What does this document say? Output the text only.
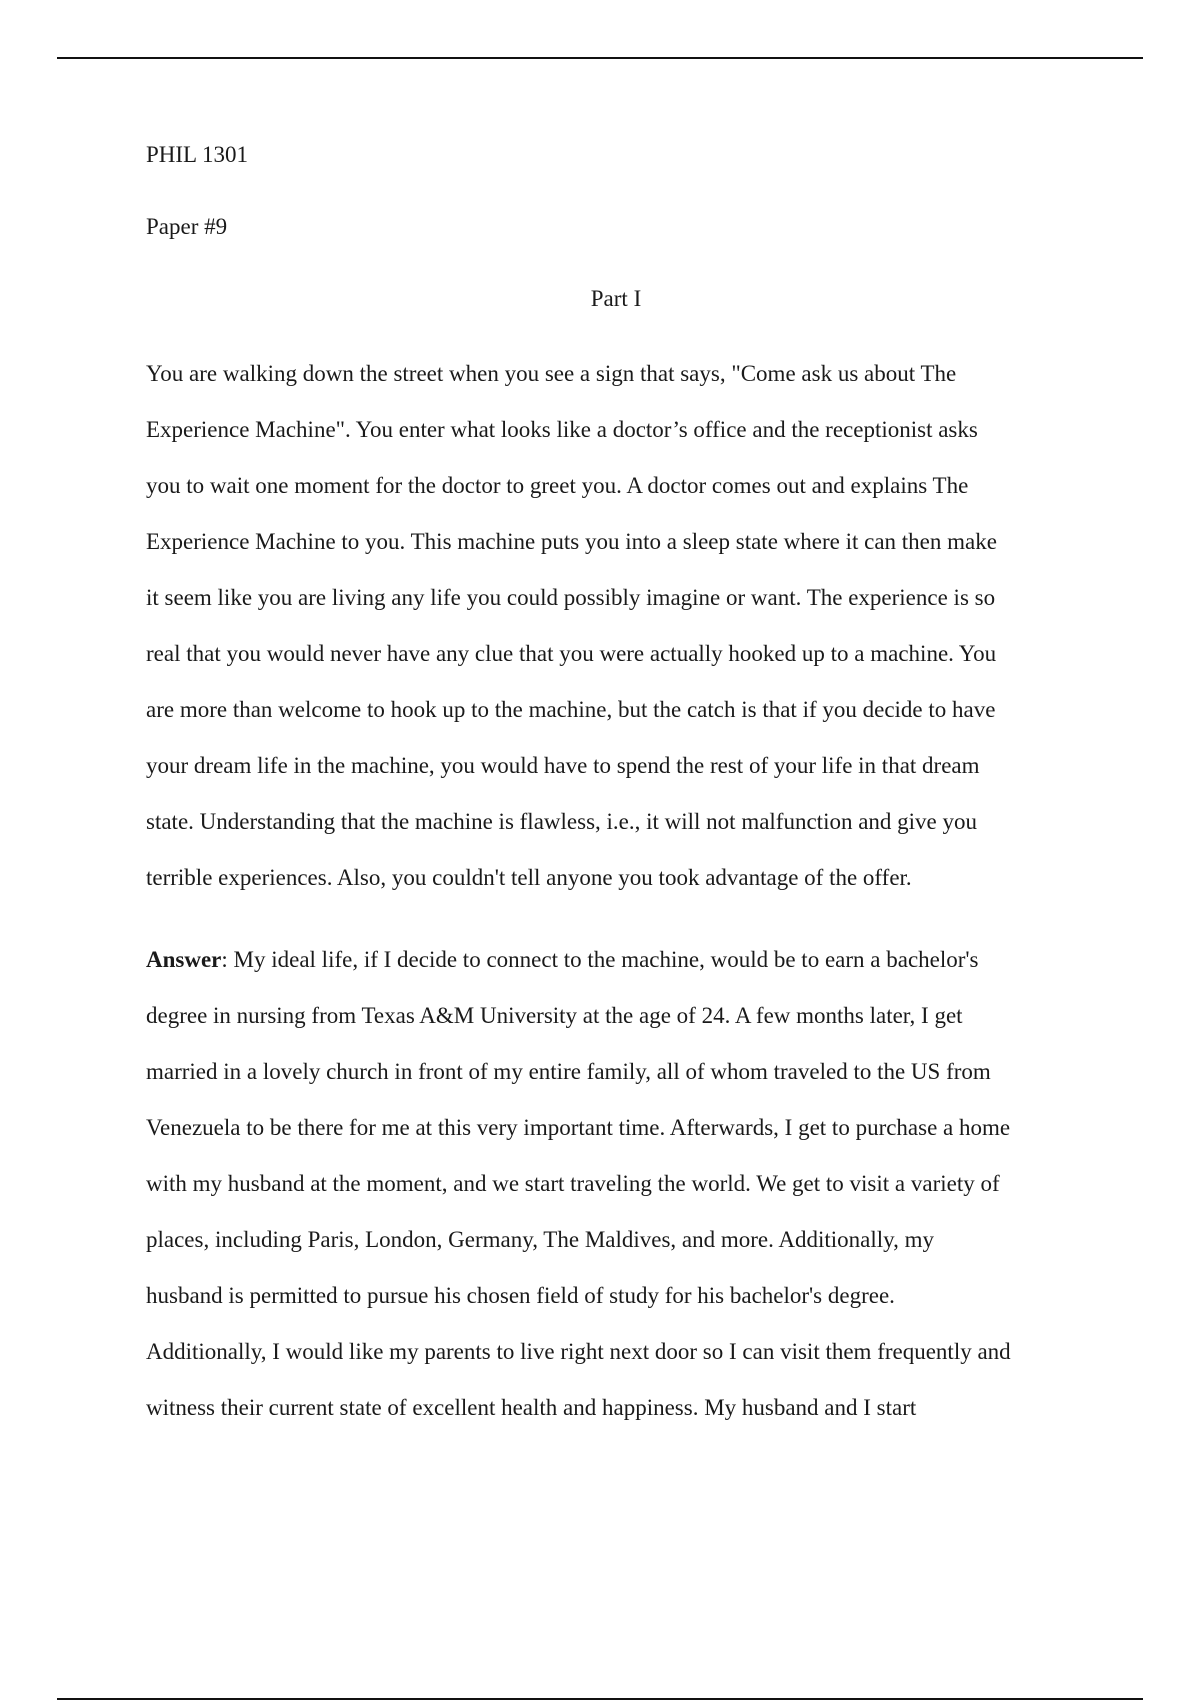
PHIL 1301

Paper #9

Part I

You are walking down the street when you see a sign that says, "Come ask us about The
Experience Machine". You enter what looks like a doctor’s office and the receptionist asks
you to wait one moment for the doctor to greet you. A doctor comes out and explains The
Experience Machine to you. This machine puts you into a sleep state where it can then make
it seem like you are living any life you could possibly imagine or want. The experience is so
real that you would never have any clue that you were actually hooked up to a machine. You
are more than welcome to hook up to the machine, but the catch is that if you decide to have
your dream life in the machine, you would have to spend the rest of your life in that dream
state. Understanding that the machine is flawless, i.e., it will not malfunction and give you
terrible experiences. Also, you couldn't tell anyone you took advantage of the offer.

Answer: My ideal life, if I decide to connect to the machine, would be to earn a bachelor's
degree in nursing from Texas A&M University at the age of 24. A few months later, I get
married in a lovely church in front of my entire family, all of whom traveled to the US from
Venezuela to be there for me at this very important time. Afterwards, I get to purchase a home
with my husband at the moment, and we start traveling the world. We get to visit a variety of
places, including Paris, London, Germany, The Maldives, and more. Additionally, my
husband is permitted to pursue his chosen field of study for his bachelor's degree.
Additionally, I would like my parents to live right next door so I can visit them frequently and
witness their current state of excellent health and happiness. My husband and I start
